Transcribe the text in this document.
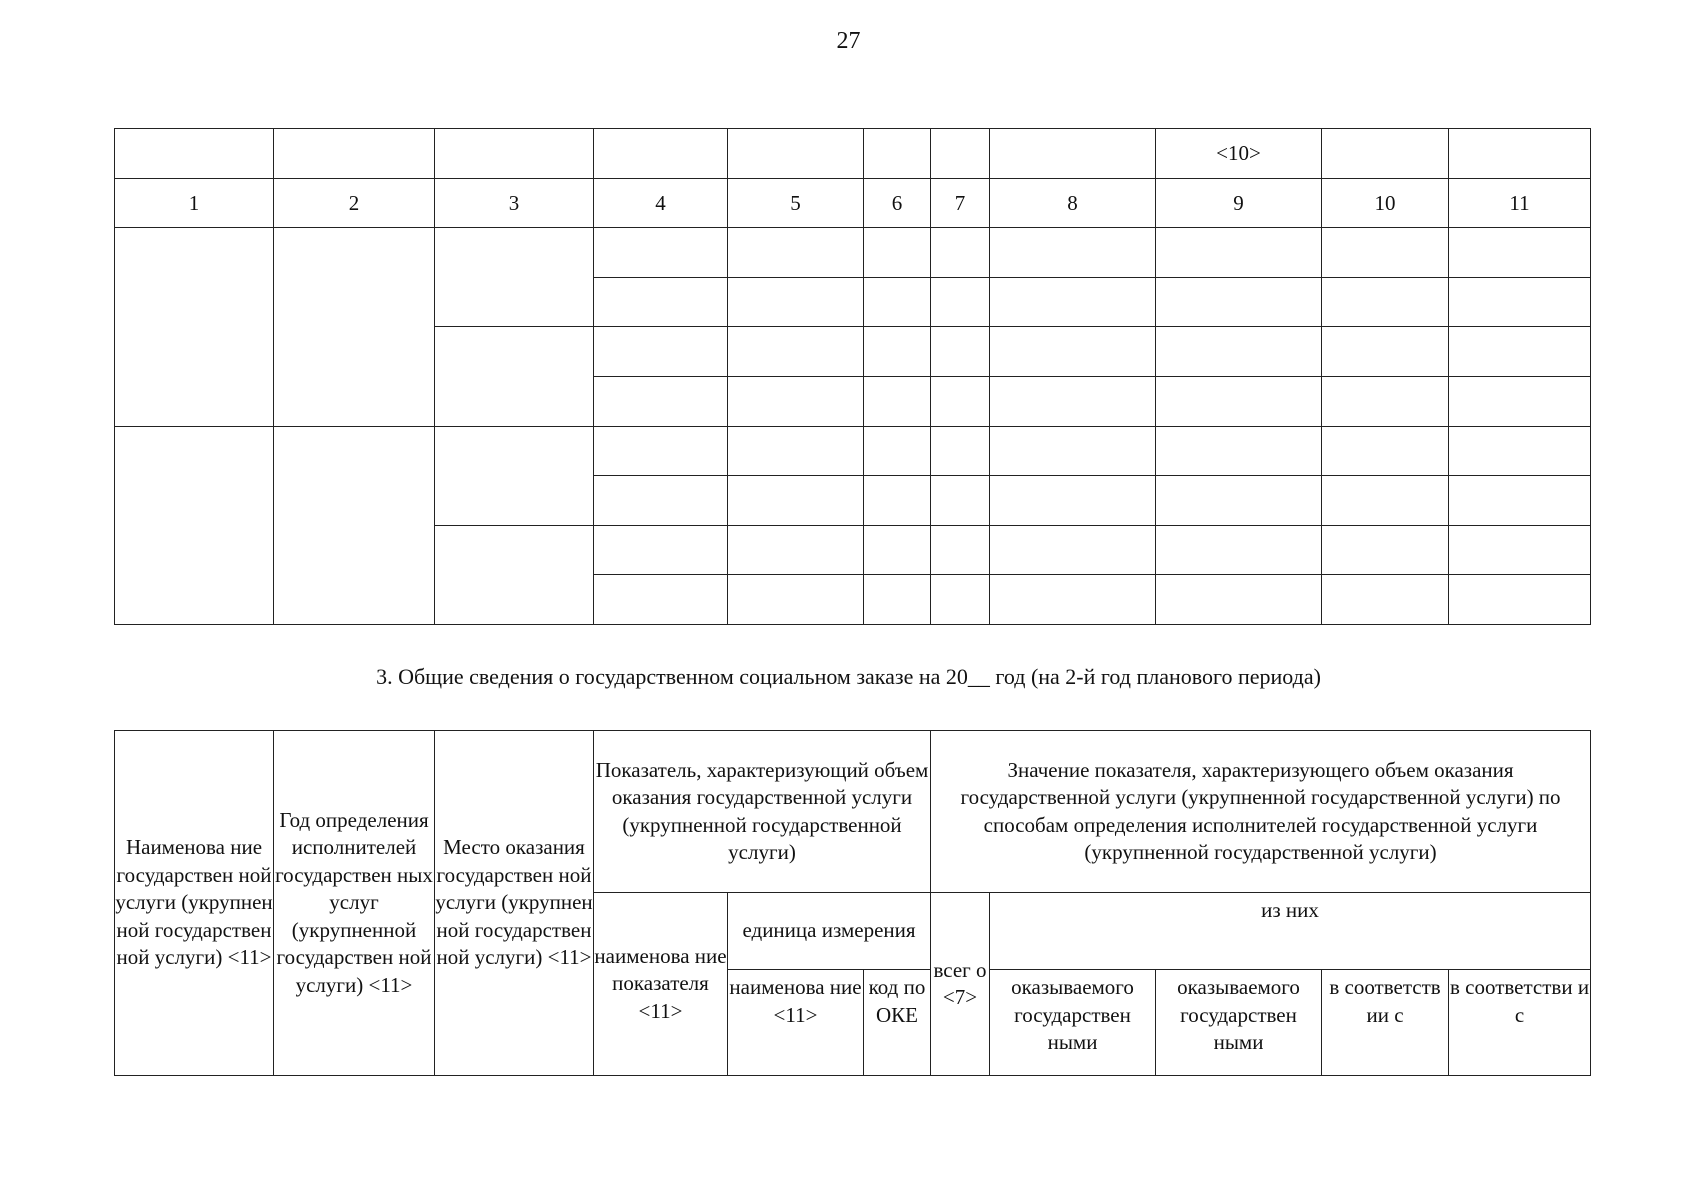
27
								<10>		
1	2	3	4	5	6	7	8	9	10	11

3. Общие сведения о государственном социальном заказе на 20__ год (на 2-й год планового периода)
Наименова ние государствен ной услуги (укрупнен ной государствен ной услуги) <11>	Год определения исполнителей государствен ных услуг (укрупненной государствен ной услуги) <11>	Место оказания государствен ной услуги (укрупнен ной государствен ной услуги) <11>	Показатель, характеризующий объем оказания государственной услуги (укрупненной государственной услуги)			Значение показателя, характеризующего объем оказания государственной услуги (укрупненной государственной услуги) по способам определения исполнителей государственной услуги (укрупненной государственной услуги)				
			наименова ние показателя <11>	единица измерения		всег о <7>	из них			
				наименова ние <11>	код по ОКЕ		оказываемого государствен ными	оказываемого государствен ными	в соответств ии с	в соответстви и с
